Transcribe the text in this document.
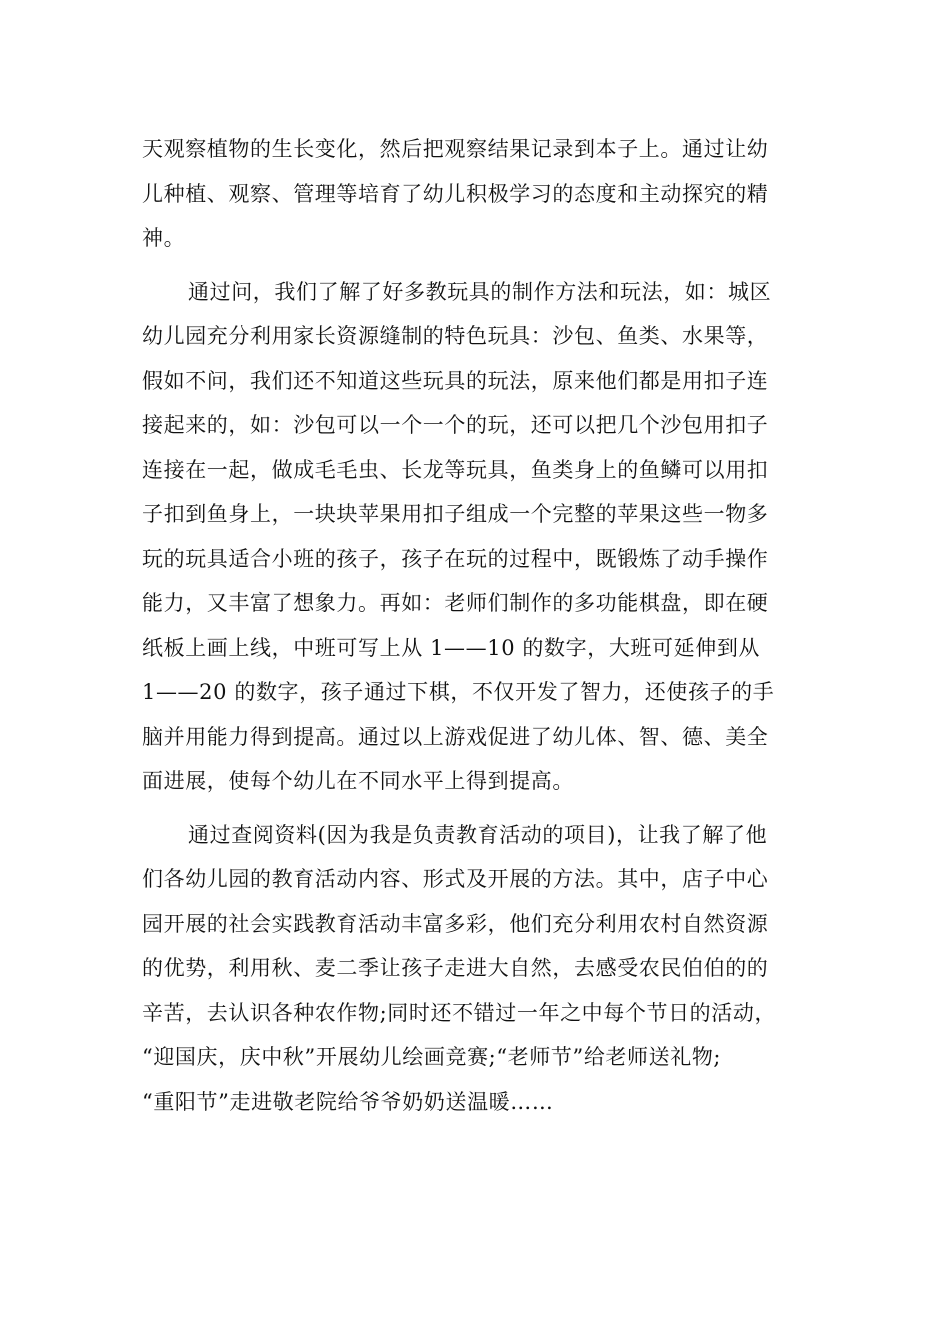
天观察植物的生长变化，然后把观察结果记录到本子上。通过让幼
儿种植、观察、管理等培育了幼儿积极学习的态度和主动探究的精
神。
通过问，我们了解了好多教玩具的制作方法和玩法，如：城区
幼儿园充分利用家长资源缝制的特色玩具：沙包、鱼类、水果等，
假如不问，我们还不知道这些玩具的玩法，原来他们都是用扣子连
接起来的，如：沙包可以一个一个的玩，还可以把几个沙包用扣子
连接在一起，做成毛毛虫、长龙等玩具，鱼类身上的鱼鳞可以用扣
子扣到鱼身上，一块块苹果用扣子组成一个完整的苹果这些一物多
玩的玩具适合小班的孩子，孩子在玩的过程中，既锻炼了动手操作
能力，又丰富了想象力。再如：老师们制作的多功能棋盘，即在硬
纸板上画上线，中班可写上从 1——10 的数字，大班可延伸到从
1——20 的数字，孩子通过下棋，不仅开发了智力，还使孩子的手
脑并用能力得到提高。通过以上游戏促进了幼儿体、智、德、美全
面进展，使每个幼儿在不同水平上得到提高。
通过查阅资料(因为我是负责教育活动的项目)，让我了解了他
们各幼儿园的教育活动内容、形式及开展的方法。其中，店子中心
园开展的社会实践教育活动丰富多彩，他们充分利用农村自然资源
的优势，利用秋、麦二季让孩子走进大自然，去感受农民伯伯的的
辛苦，去认识各种农作物;同时还不错过一年之中每个节日的活动，
“迎国庆，庆中秋”开展幼儿绘画竞赛;“老师节”给老师送礼物;
“重阳节”走进敬老院给爷爷奶奶送温暖……
